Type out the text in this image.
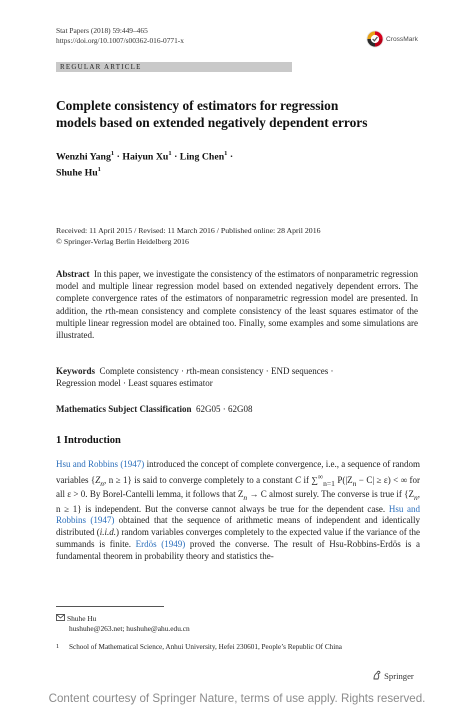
Stat Papers (2018) 59:449–465
https://doi.org/10.1007/s00362-016-0771-x	CrossMark
REGULAR ARTICLE
Complete consistency of estimators for regression
models based on extended negatively dependent errors
Wenzhi Yang$^1$ · Haiyun $Xu^1$ · Ling Chen$^1$ ·
Shuhe Hu$^1$
Received: 11 April 2015 / Revised: 11 March 2016 / Published online: 28 April 2016
© Springer-Verlag Berlin Heidelberg 2016
Abstract In this paper, we investigate the consistency of the estimators of nonparametric regression model and multiple linear regression model based on extended negatively dependent errors. The complete convergence rates of the estimators of nonparametric regression model are presented. In addition, the rth-mean consistency and complete consistency of the least squares estimator of the multiple linear regression model are obtained too. Finally, some examples and some simulations are illustrated.
Keywords Complete consistency · rth-mean consistency · END sequences ·
Regression model · Least squares estimator
Mathematics Subject Classification 62G05 · 62G08
1 Introduction
Hsu and Robbins (1947) introduced the concept of complete convergence, i.e., a sequence of random variables {$Z_n$, n ≥ 1} is said to converge completely to a constant C if $\sum^\infty_{n=1}$ $P(|Z_n - C| \ge \varepsilon)$ < ∞ for all ε > 0. By Borel-Cantelli lemma, it follows that $Z_n \to C$ almost surely. The converse is true if {$Z_n$, n ≥ 1} is independent. But the converse cannot always be true for the dependent case. Hsu and Robbins (1947) obtained that the sequence of arithmetic means of independent and identically distributed (i.i.d.) random variables converges completely to the expected value if the variance of the summands is finite. Erdös (1949) proved the converse. The result of Hsu-Robbins-Erdös is a fundamental theorem in probability theory and statistics the-
Shuhe Hu
hushuhe@263.net; hushuhe@ahu.edu.cn
$^1$ School of Mathematical Science, Anhui University, Hefei 230601, People’s Republic Of China
Springer
Content courtesy of Springer Nature, terms of use apply. Rights reserved.
